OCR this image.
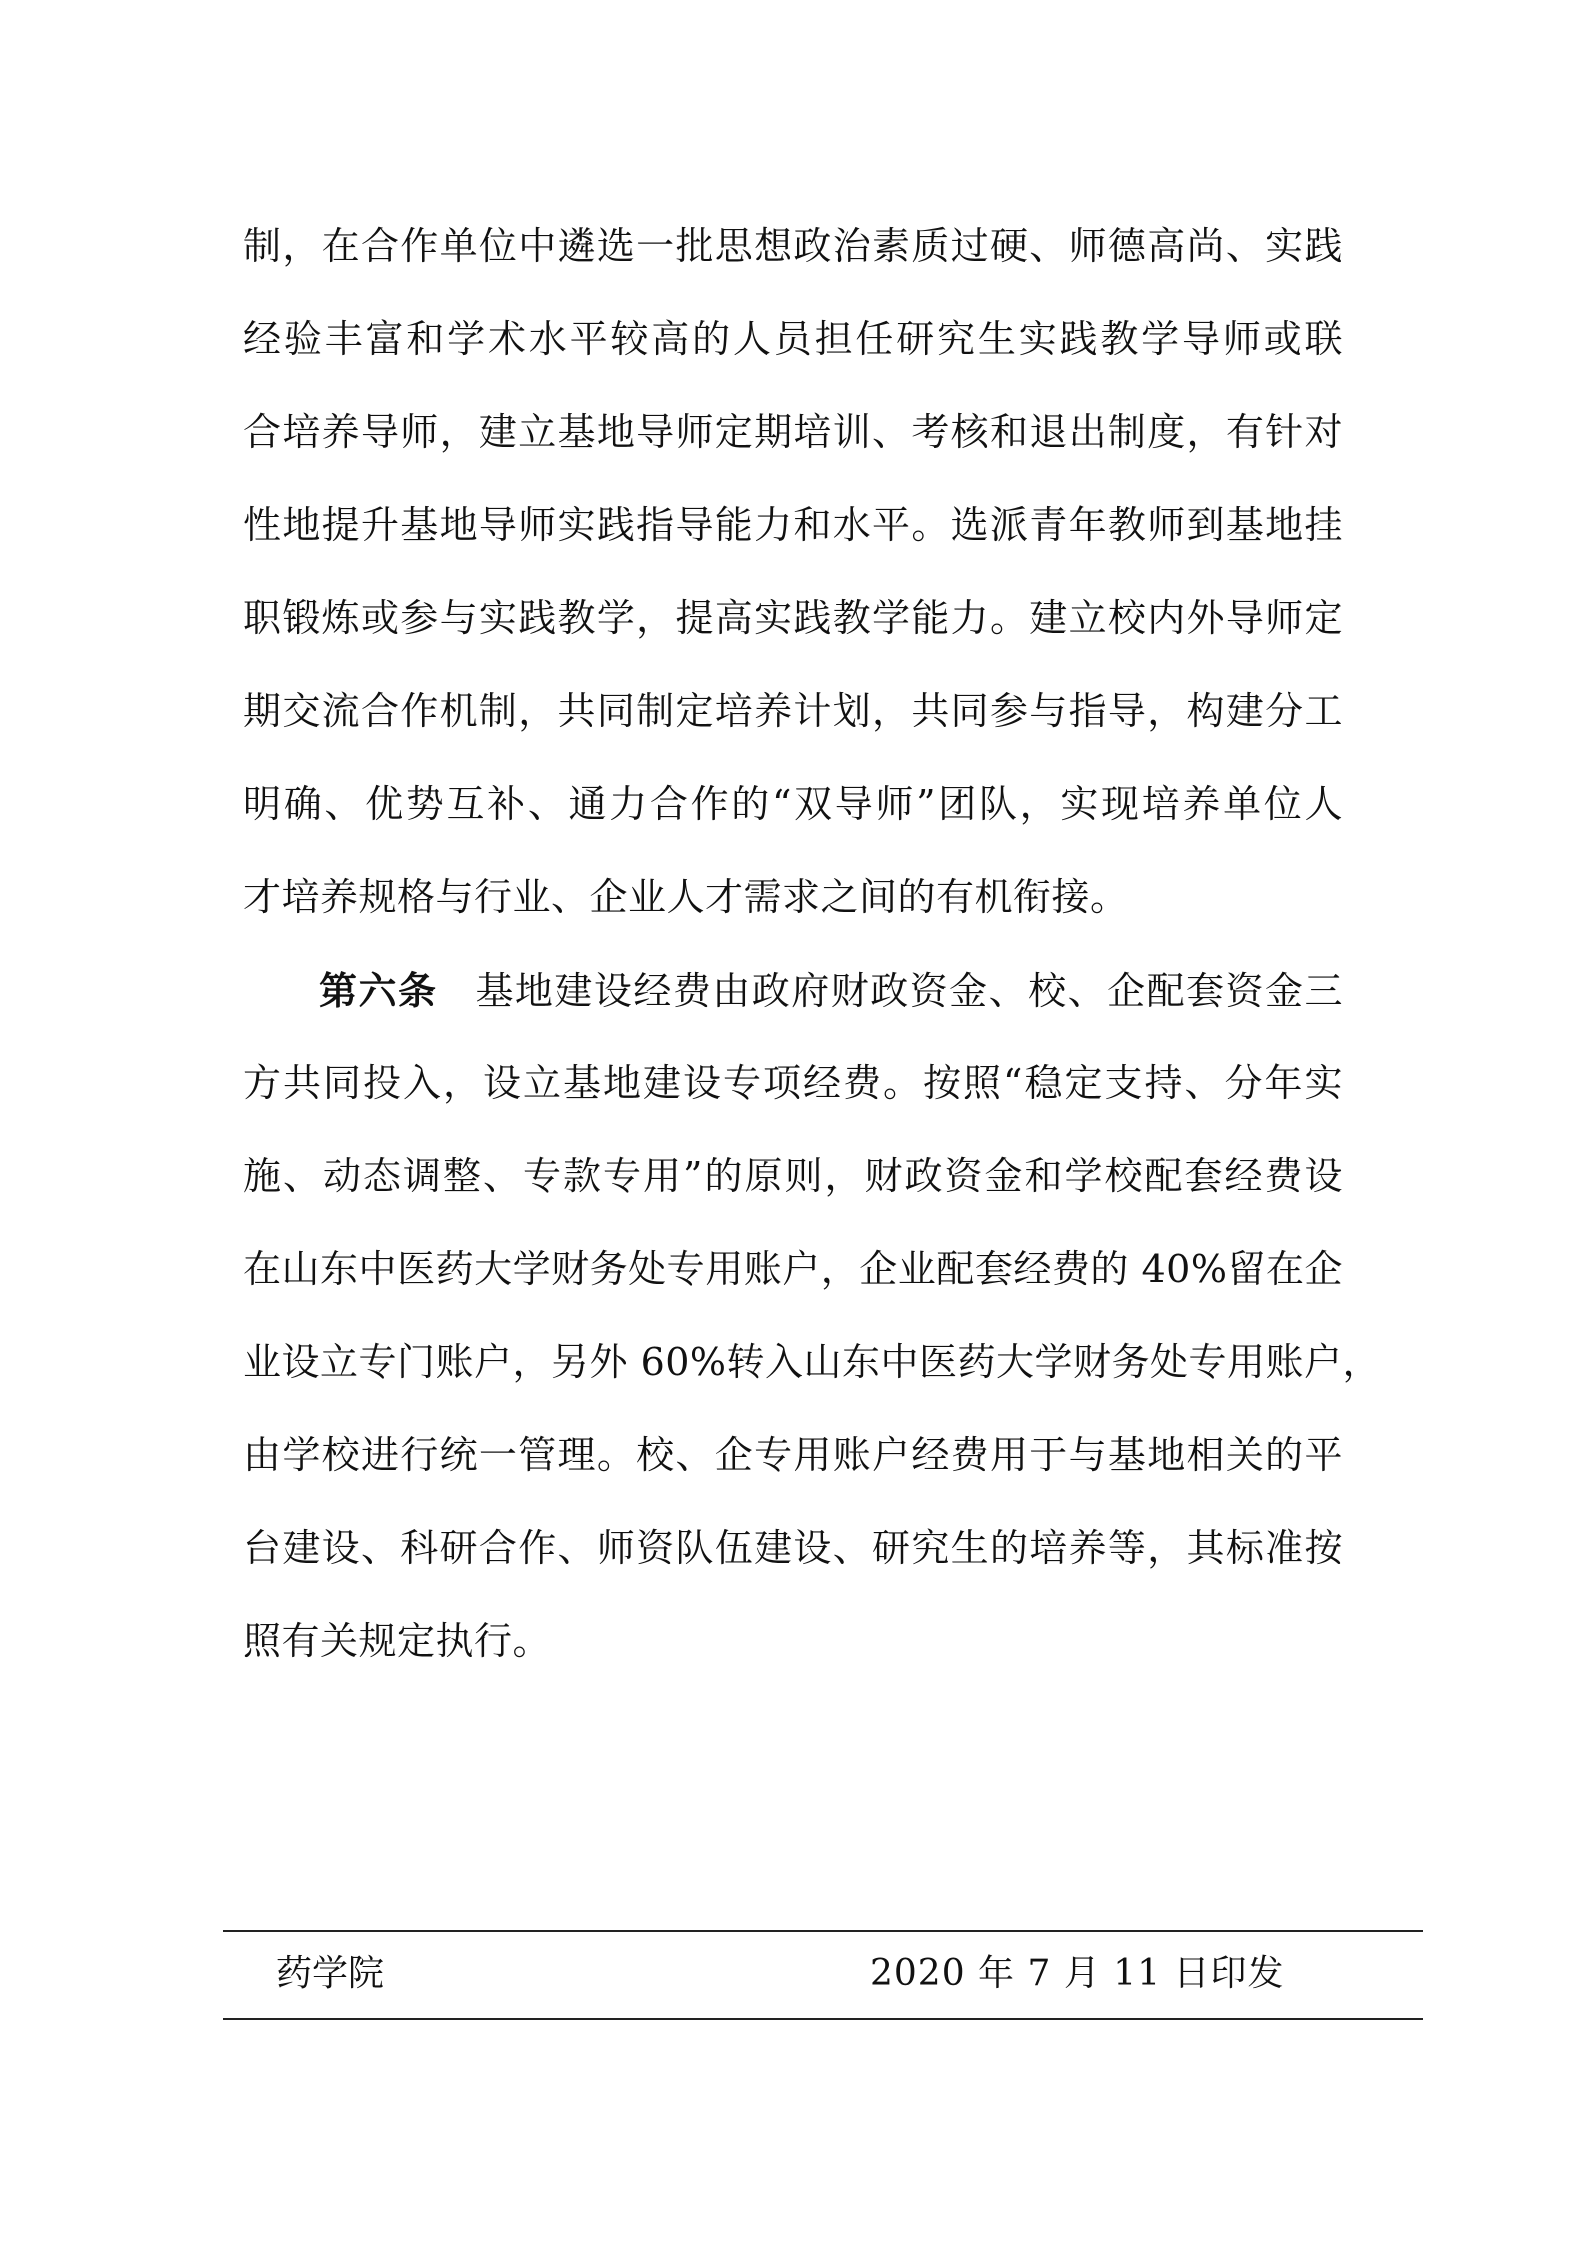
制，在合作单位中遴选一批思想政治素质过硬、师德高尚、实践
经验丰富和学术水平较高的人员担任研究生实践教学导师或联
合培养导师，建立基地导师定期培训、考核和退出制度，有针对
性地提升基地导师实践指导能力和水平。选派青年教师到基地挂
职锻炼或参与实践教学，提高实践教学能力。建立校内外导师定
期交流合作机制，共同制定培养计划，共同参与指导，构建分工
明确、优势互补、通力合作的“双导师”团队，实现培养单位人
才培养规格与行业、企业人才需求之间的有机衔接。
第六条 基地建设经费由政府财政资金、校、企配套资金三
方共同投入，设立基地建设专项经费。按照“稳定支持、分年实
施、动态调整、专款专用”的原则，财政资金和学校配套经费设
在山东中医药大学财务处专用账户，企业配套经费的 40%留在企
业设立专门账户，另外 60%转入山东中医药大学财务处专用账户，
由学校进行统一管理。校、企专用账户经费用于与基地相关的平
台建设、科研合作、师资队伍建设、研究生的培养等，其标准按
照有关规定执行。
药学院	2020 年 7 月 11 日印发
